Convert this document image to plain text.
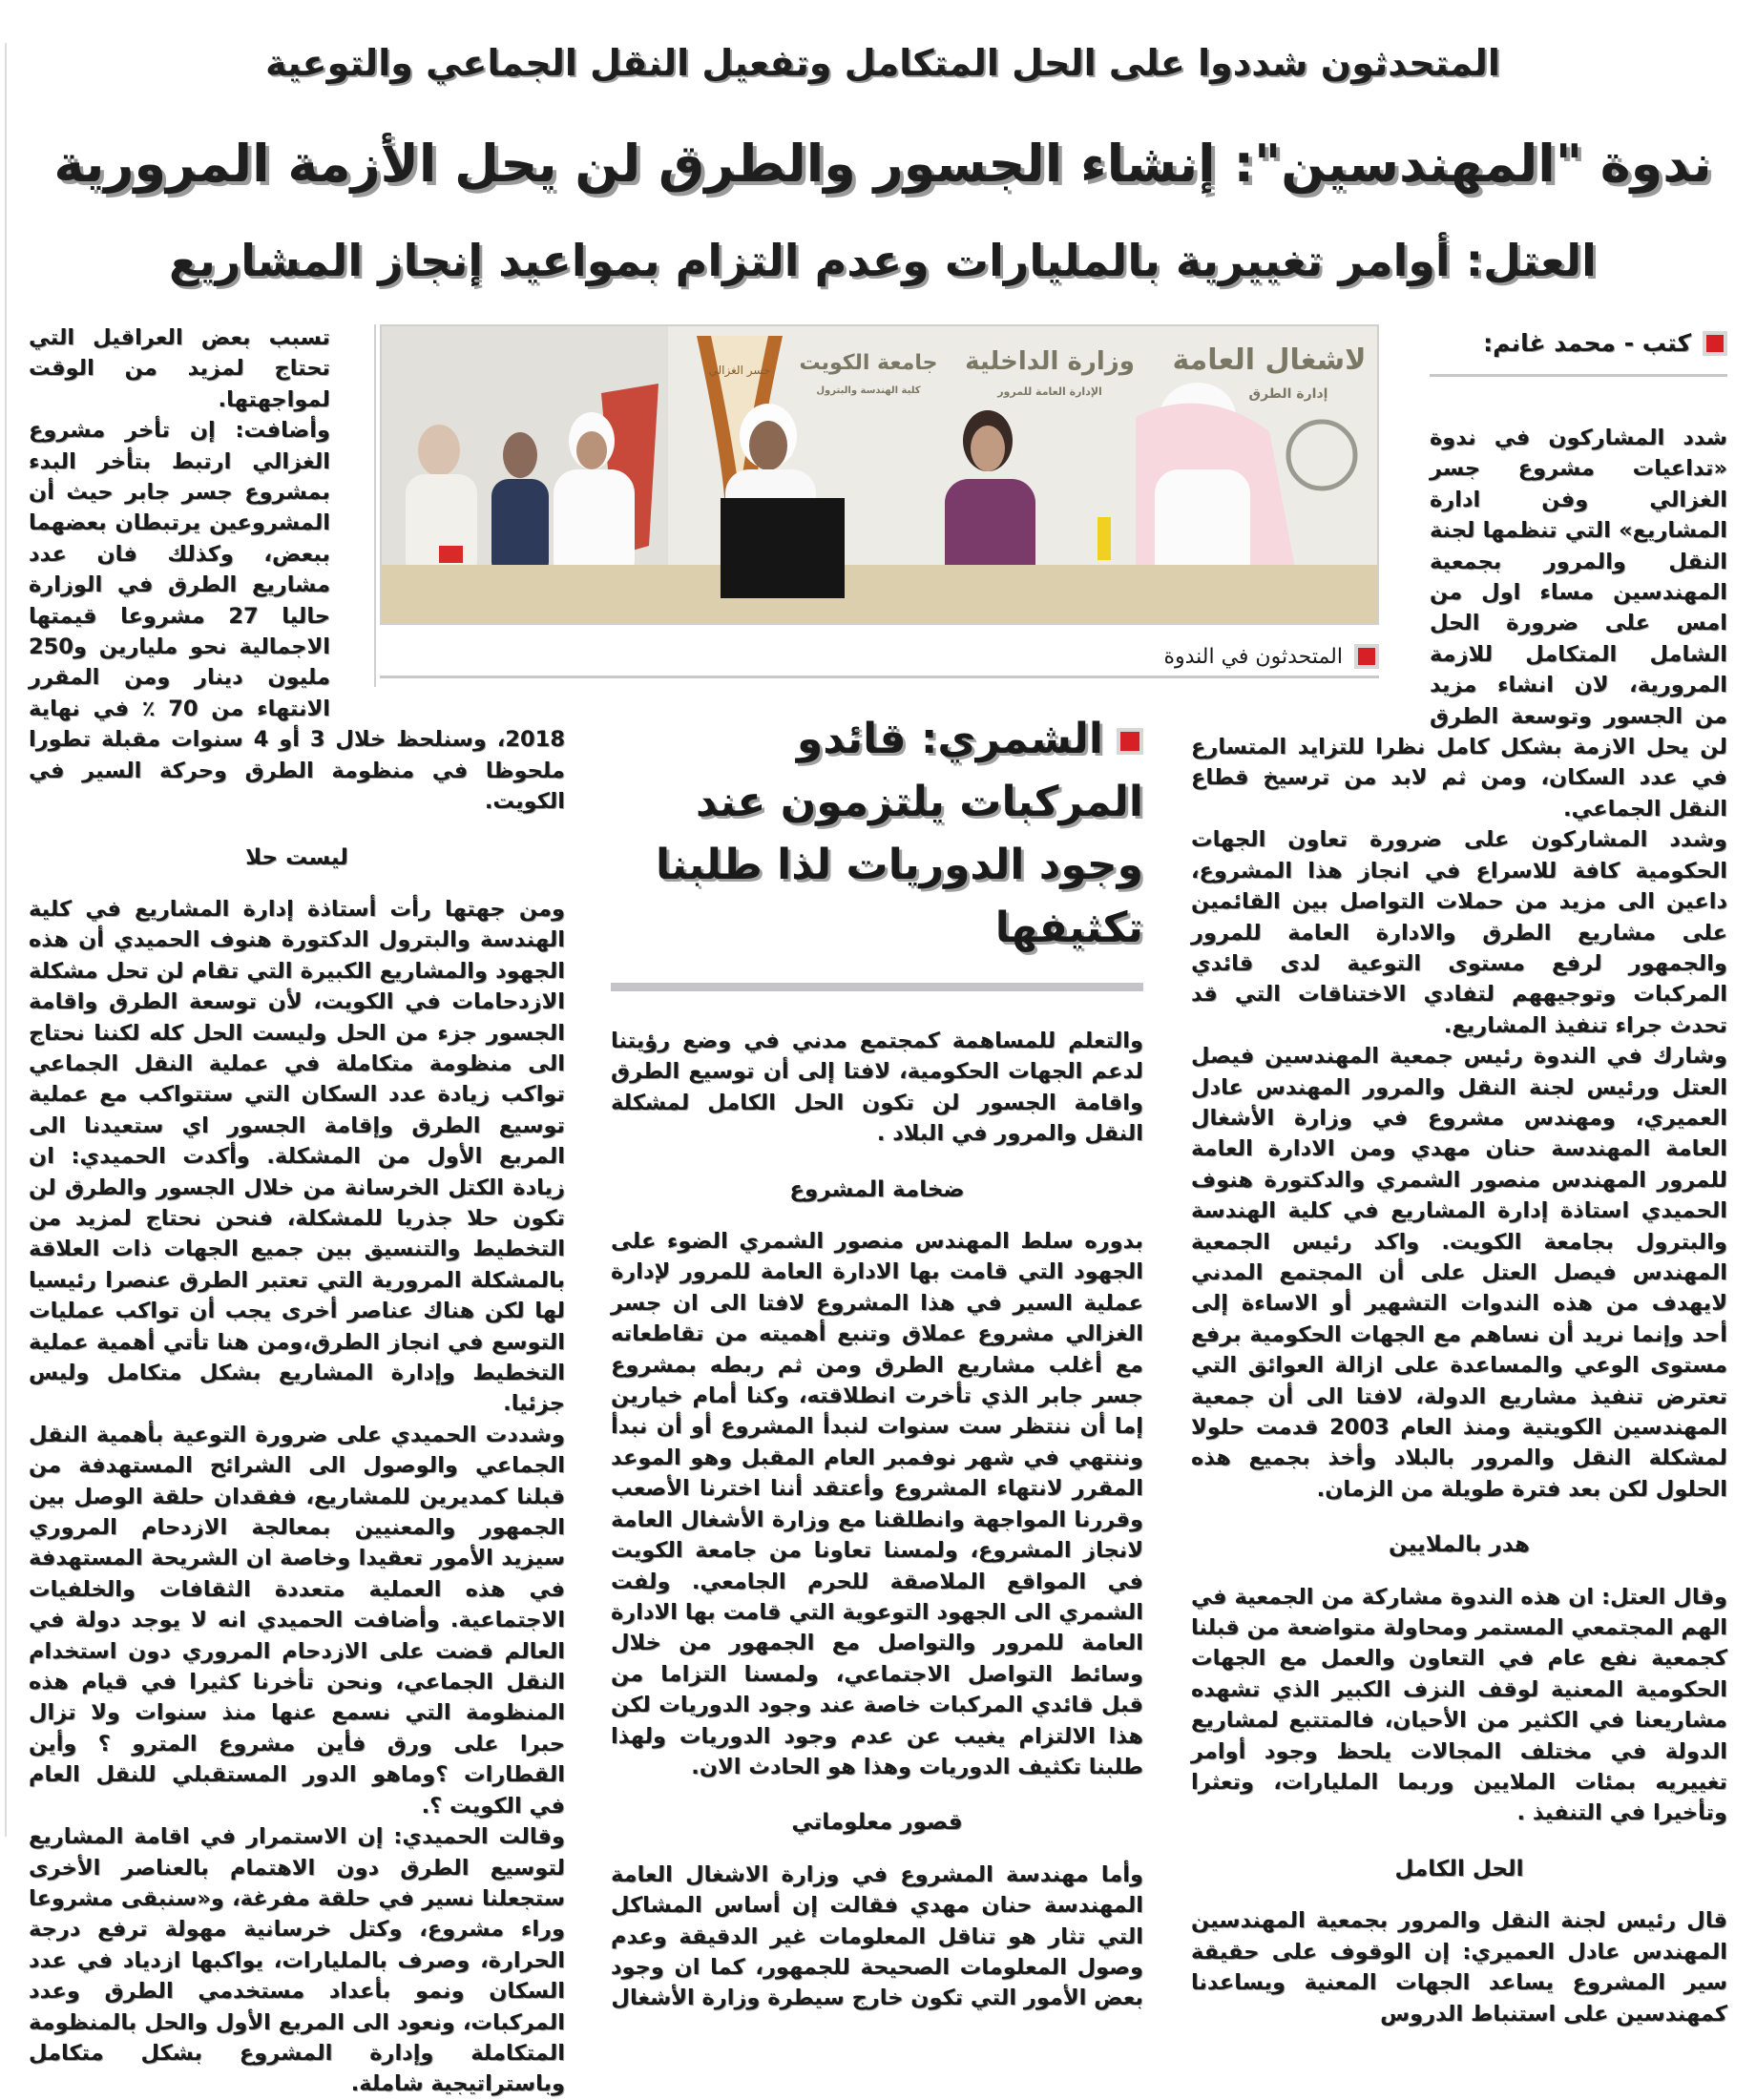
المتحدثون شددوا على الحل المتكامل وتفعيل النقل الجماعي والتوعية
ندوة "المهندسين": إنشاء الجسور والطرق لن يحل الأزمة المرورية
العتل: أوامر تغييرية بالمليارات وعدم التزام بمواعيد إنجاز المشاريع
كتب - محمد غانم:

شدد المشاركون في ندوة «تداعيات مشروع جسر الغزالي وفن ادارة المشاريع» التي تنظمها لجنة النقل والمرور بجمعية المهندسين مساء اول من امس على ضرورة الحل الشامل المتكامل للازمة المرورية، لان انشاء مزيد من الجسور وتوسعة الطرق لن يحل الازمة بشكل كامل نظرا للتزايد المتسارع في عدد السكان، ومن ثم لابد من ترسيخ قطاع النقل الجماعي.

وشدد المشاركون على ضرورة تعاون الجهات الحكومية كافة للاسراع في انجاز هذا المشروع، داعين الى مزيد من حملات التواصل بين القائمين على مشاريع الطرق والادارة العامة للمرور والجمهور لرفع مستوى التوعية لدى قائدي المركبات وتوجيههم لتفادي الاختناقات التي قد تحدث جراء تنفيذ المشاريع.

وشارك في الندوة رئيس جمعية المهندسين فيصل العتل ورئيس لجنة النقل والمرور المهندس عادل العميري، ومهندس مشروع في وزارة الأشغال العامة المهندسة حنان مهدي ومن الادارة العامة للمرور المهندس منصور الشمري والدكتورة هنوف الحميدي استاذة إدارة المشاريع في كلية الهندسة والبترول بجامعة الكويت. واكد رئيس الجمعية المهندس فيصل العتل على أن المجتمع المدني لايهدف من هذه الندوات التشهير أو الاساءة إلى أحد وإنما نريد أن نساهم مع الجهات الحكومية برفع مستوى الوعي والمساعدة على ازالة العوائق التي تعترض تنفيذ مشاريع الدولة، لافتا الى أن جمعية المهندسين الكويتية ومنذ العام 2003 قدمت حلولا لمشكلة النقل والمرور بالبلاد وأخذ بجميع هذه الحلول لكن بعد فترة طويلة من الزمان.

هدر بالملايين

وقال العتل: ان هذه الندوة مشاركة من الجمعية في الهم المجتمعي المستمر ومحاولة متواضعة من قبلنا كجمعية نفع عام في التعاون والعمل مع الجهات الحكومية المعنية لوقف النزف الكبير الذي تشهده مشاريعنا في الكثير من الأحيان، فالمتتبع لمشاريع الدولة في مختلف المجالات يلحظ وجود أوامر تغييريه بمئات الملايين وربما المليارات، وتعثرا وتأخيرا في التنفيذ .

الحل الكامل

قال رئيس لجنة النقل والمرور بجمعية المهندسين المهندس عادل العميري: إن الوقوف على حقيقة سير المشروع يساعد الجهات المعنية ويساعدنا كمهندسين على استنباط الدروس

لاشغال العامة
إدارة الطرق
وزارة الداخلية
الإدارة العامة للمرور
جامعة الكويت
كلية الهندسة والبترول
جسر الغزالي
المتحدثون في الندوة
الشمري: قائدو المركبات يلتزمون عند وجود الدوريات لذا طلبنا تكثيفها

والتعلم للمساهمة كمجتمع مدني في وضع رؤيتنا لدعم الجهات الحكومية، لافتا إلى أن توسيع الطرق واقامة الجسور لن تكون الحل الكامل لمشكلة النقل والمرور في البلاد .

ضخامة المشروع

بدوره سلط المهندس منصور الشمري الضوء على الجهود التي قامت بها الادارة العامة للمرور لإدارة عملية السير في هذا المشروع لافتا الى ان جسر الغزالي مشروع عملاق وتنبع أهميته من تقاطعاته مع أغلب مشاريع الطرق ومن ثم ربطه بمشروع جسر جابر الذي تأخرت انطلاقته، وكنا أمام خيارين إما أن ننتظر ست سنوات لنبدأ المشروع أو أن نبدأ وننتهي في شهر نوفمبر العام المقبل وهو الموعد المقرر لانتهاء المشروع وأعتقد أننا اخترنا الأصعب وقررنا المواجهة وانطلقنا مع وزارة الأشغال العامة لانجاز المشروع، ولمسنا تعاونا من جامعة الكويت في المواقع الملاصقة للحرم الجامعي. ولفت الشمري الى الجهود التوعوية التي قامت بها الادارة العامة للمرور والتواصل مع الجمهور من خلال وسائط التواصل الاجتماعي، ولمسنا التزاما من قبل قائدي المركبات خاصة عند وجود الدوريات لكن هذا الالتزام يغيب عن عدم وجود الدوريات ولهذا طلبنا تكثيف الدوريات وهذا هو الحادث الان.

قصور معلوماتي

وأما مهندسة المشروع في وزارة الاشغال العامة المهندسة حنان مهدي فقالت إن أساس المشاكل التي تثار هو تناقل المعلومات غير الدقيقة وعدم وصول المعلومات الصحيحة للجمهور، كما ان وجود بعض الأمور التي تكون خارج سيطرة وزارة الأشغال

تسبب بعض العراقيل التي تحتاج لمزيد من الوقت لمواجهتها.

وأضافت: إن تأخر مشروع الغزالي ارتبط بتأخر البدء بمشروع جسر جابر حيث أن المشروعين يرتبطان بعضهما ببعض، وكذلك فان عدد مشاريع الطرق في الوزارة حاليا 27 مشروعا قيمتها الاجمالية نحو مليارين و250 مليون دينار ومن المقرر الانتهاء من 70 ٪ في نهاية 2018، وسنلحظ خلال 3 أو 4 سنوات مقبلة تطورا ملحوظا في منظومة الطرق وحركة السير في الكويت.

ليست حلا

ومن جهتها رأت أستاذة إدارة المشاريع في كلية الهندسة والبترول الدكتورة هنوف الحميدي أن هذه الجهود والمشاريع الكبيرة التي تقام لن تحل مشكلة الازدحامات في الكويت، لأن توسعة الطرق واقامة الجسور جزء من الحل وليست الحل كله لكننا نحتاج الى منظومة متكاملة في عملية النقل الجماعي تواكب زيادة عدد السكان التي ستتواكب مع عملية توسيع الطرق وإقامة الجسور اي ستعيدنا الى المربع الأول من المشكلة. وأكدت الحميدي: ان زيادة الكتل الخرسانة من خلال الجسور والطرق لن تكون حلا جذريا للمشكلة، فنحن نحتاج لمزيد من التخطيط والتنسيق بين جميع الجهات ذات العلاقة بالمشكلة المرورية التي تعتبر الطرق عنصرا رئيسيا لها لكن هناك عناصر أخرى يجب أن تواكب عمليات التوسع في انجاز الطرق،ومن هنا تأتي أهمية عملية التخطيط وإدارة المشاريع بشكل متكامل وليس جزئيا.

وشددت الحميدي على ضرورة التوعية بأهمية النقل الجماعي والوصول الى الشرائح المستهدفة من قبلنا كمديرين للمشاريع، ففقدان حلقة الوصل بين الجمهور والمعنيين بمعالجة الازدحام المروري سيزيد الأمور تعقيدا وخاصة ان الشريحة المستهدفة في هذه العملية متعددة الثقافات والخلفيات الاجتماعية. وأضافت الحميدي انه لا يوجد دولة في العالم قضت على الازدحام المروري دون استخدام النقل الجماعي، ونحن تأخرنا كثيرا في قيام هذه المنظومة التي نسمع عنها منذ سنوات ولا تزال حبرا على ورق فأين مشروع المترو ؟ وأين القطارات ؟وماهو الدور المستقبلي للنقل العام في الكويت ؟.

وقالت الحميدي: إن الاستمرار في اقامة المشاريع لتوسيع الطرق دون الاهتمام بالعناصر الأخرى ستجعلنا نسير في حلقة مفرغة، و«سنبقى مشروعا وراء مشروع، وكتل خرسانية مهولة ترفع درجة الحرارة، وصرف بالمليارات، يواكبها ازدياد في عدد السكان ونمو بأعداد مستخدمي الطرق وعدد المركبات، ونعود الى المربع الأول والحل بالمنظومة المتكاملة وإدارة المشروع بشكل متكامل وباستراتيجية شاملة.
